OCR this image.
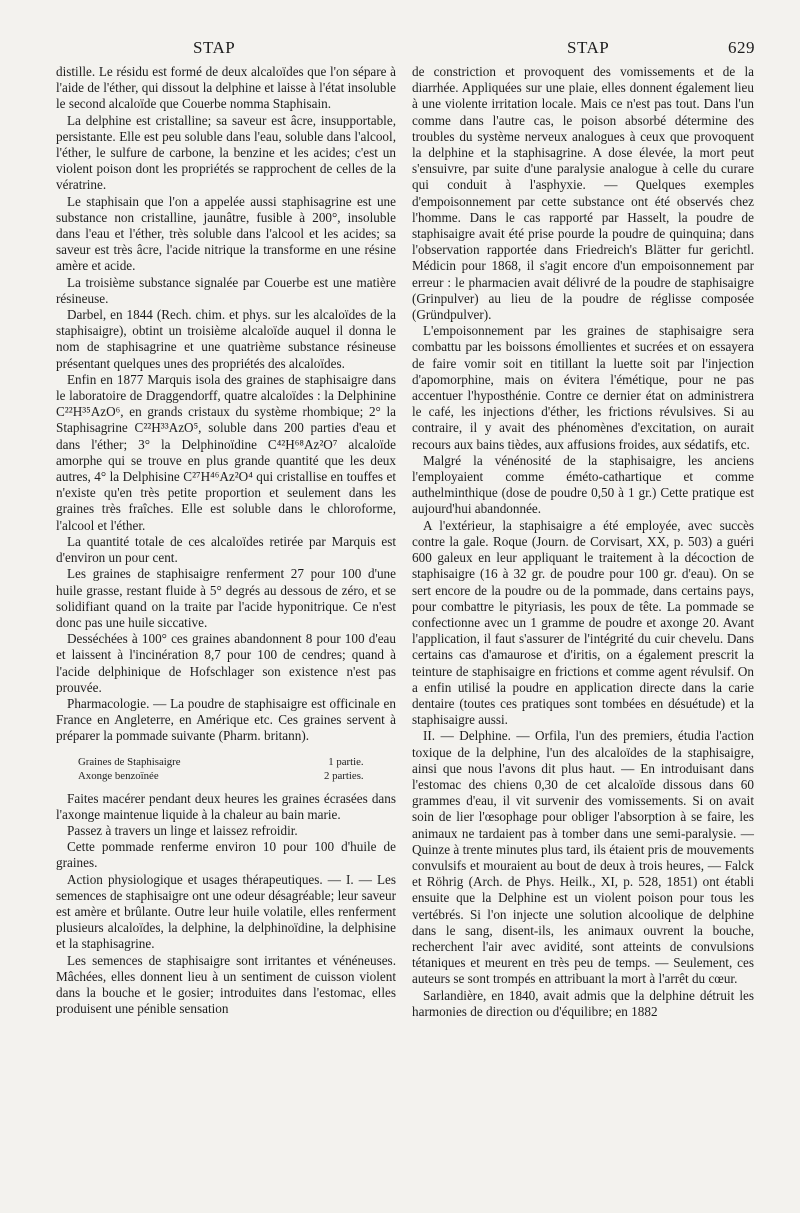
STAP	STAP	629

distille. Le résidu est formé de deux alcaloïdes que l'on sépare à l'aide de l'éther, qui dissout la delphine et laisse à l'état insoluble le second alcaloïde que Couerbe nomma Staphisain.

La delphine est cristalline; sa saveur est âcre, insupportable, persistante. Elle est peu soluble dans l'eau, soluble dans l'alcool, l'éther, le sulfure de carbone, la benzine et les acides; c'est un violent poison dont les propriétés se rapprochent de celles de la vératrine.

Le staphisain que l'on a appelée aussi staphisagrine est une substance non cristalline, jaunâtre, fusible à 200°, insoluble dans l'eau et l'éther, très soluble dans l'alcool et les acides; sa saveur est très âcre, l'acide nitrique la transforme en une résine amère et acide.

La troisième substance signalée par Couerbe est une matière résineuse.

Darbel, en 1844 (Rech. chim. et phys. sur les alcaloïdes de la staphisaigre), obtint un troisième alcaloïde auquel il donna le nom de staphisagrine et une quatrième substance résineuse présentant quelques unes des propriétés des alcaloïdes.

Enfin en 1877 Marquis isola des graines de staphisaigre dans le laboratoire de Draggendorff, quatre alcaloïdes : la Delphinine C²²H³⁵AzO⁶, en grands cristaux du système rhombique; 2° la Staphisagrine C²²H³³AzO⁵, soluble dans 200 parties d'eau et dans l'éther; 3° la Delphinoïdine C⁴²H⁶⁸Az²O⁷ alcaloïde amorphe qui se trouve en plus grande quantité que les deux autres, 4° la Delphisine C²⁷H⁴⁶Az²O⁴ qui cristallise en touffes et n'existe qu'en très petite proportion et seulement dans les graines très fraîches. Elle est soluble dans le chloroforme, l'alcool et l'éther.

La quantité totale de ces alcaloïdes retirée par Marquis est d'environ un pour cent.

Les graines de staphisaigre renferment 27 pour 100 d'une huile grasse, restant fluide à 5° degrés au dessous de zéro, et se solidifiant quand on la traite par l'acide hyponitrique. Ce n'est donc pas une huile siccative.

Desséchées à 100° ces graines abandonnent 8 pour 100 d'eau et laissent à l'incinération 8,7 pour 100 de cendres; quand à l'acide delphinique de Hofschlager son existence n'est pas prouvée.

Pharmacologie. — La poudre de staphisaigre est officinale en France en Angleterre, en Amérique etc. Ces graines servent à préparer la pommade suivante (Pharm. britann).

Graines de Staphisaigre	1 partie.
Axonge benzoïnée	2 parties.

Faites macérer pendant deux heures les graines écrasées dans l'axonge maintenue liquide à la chaleur au bain marie.

Passez à travers un linge et laissez refroidir.

Cette pommade renferme environ 10 pour 100 d'huile de graines.

Action physiologique et usages thérapeutiques. — I. — Les semences de staphisaigre ont une odeur désagréable; leur saveur est amère et brûlante. Outre leur huile volatile, elles renferment plusieurs alcaloïdes, la delphine, la delphinoïdine, la delphisine et la staphisagrine.

Les semences de staphisaigre sont irritantes et vénéneuses. Mâchées, elles donnent lieu à un sentiment de cuisson violent dans la bouche et le gosier; introduites dans l'estomac, elles produisent une pénible sensation

de constriction et provoquent des vomissements et de la diarrhée. Appliquées sur une plaie, elles donnent également lieu à une violente irritation locale. Mais ce n'est pas tout. Dans l'un comme dans l'autre cas, le poison absorbé détermine des troubles du système nerveux analogues à ceux que provoquent la delphine et la staphisagrine. A dose élevée, la mort peut s'ensuivre, par suite d'une paralysie analogue à celle du curare qui conduit à l'asphyxie. — Quelques exemples d'empoisonnement par cette substance ont été observés chez l'homme. Dans le cas rapporté par Hasselt, la poudre de staphisaigre avait été prise pourde la poudre de quinquina; dans l'observation rapportée dans Friedreich's Blätter fur gerichtl. Médicin pour 1868, il s'agit encore d'un empoisonnement par erreur : le pharmacien avait délivré de la poudre de staphisaigre (Grinpulver) au lieu de la poudre de réglisse composée (Gründpulver).

L'empoisonnement par les graines de staphisaigre sera combattu par les boissons émollientes et sucrées et on essayera de faire vomir soit en titillant la luette soit par l'injection d'apomorphine, mais on évitera l'émétique, pour ne pas accentuer l'hyposthénie. Contre ce dernier état on administrera le café, les injections d'éther, les frictions révulsives. Si au contraire, il y avait des phénomènes d'excitation, on aurait recours aux bains tièdes, aux affusions froides, aux sédatifs, etc.

Malgré la vénénosité de la staphisaigre, les anciens l'employaient comme éméto-cathartique et comme authelminthique (dose de poudre 0,50 à 1 gr.) Cette pratique est aujourd'hui abandonnée.

A l'extérieur, la staphisaigre a été employée, avec succès contre la gale. Roque (Journ. de Corvisart, XX, p. 503) a guéri 600 galeux en leur appliquant le traitement à la décoction de staphisaigre (16 à 32 gr. de poudre pour 100 gr. d'eau). On se sert encore de la poudre ou de la pommade, dans certains pays, pour combattre le pityriasis, les poux de tête. La pommade se confectionne avec un 1 gramme de poudre et axonge 20. Avant l'application, il faut s'assurer de l'intégrité du cuir chevelu. Dans certains cas d'amaurose et d'iritis, on a également prescrit la teinture de staphisaigre en frictions et comme agent révulsif. On a enfin utilisé la poudre en application directe dans la carie dentaire (toutes ces pratiques sont tombées en désuétude) et la staphisaigre aussi.

II. — Delphine. — Orfila, l'un des premiers, étudia l'action toxique de la delphine, l'un des alcaloïdes de la staphisaigre, ainsi que nous l'avons dit plus haut. — En introduisant dans l'estomac des chiens 0,30 de cet alcaloïde dissous dans 60 grammes d'eau, il vit survenir des vomissements. Si on avait soin de lier l'œsophage pour obliger l'absorption à se faire, les animaux ne tardaient pas à tomber dans une semi-paralysie. — Quinze à trente minutes plus tard, ils étaient pris de mouvements convulsifs et mouraient au bout de deux à trois heures, — Falck et Röhrig (Arch. de Phys. Heilk., XI, p. 528, 1851) ont établi ensuite que la Delphine est un violent poison pour tous les vertébrés. Si l'on injecte une solution alcoolique de delphine dans le sang, disent-ils, les animaux ouvrent la bouche, recherchent l'air avec avidité, sont atteints de convulsions tétaniques et meurent en très peu de temps. — Seulement, ces auteurs se sont trompés en attribuant la mort à l'arrêt du cœur.

Sarlandière, en 1840, avait admis que la delphine détruit les harmonies de direction ou d'équilibre; en 1882
